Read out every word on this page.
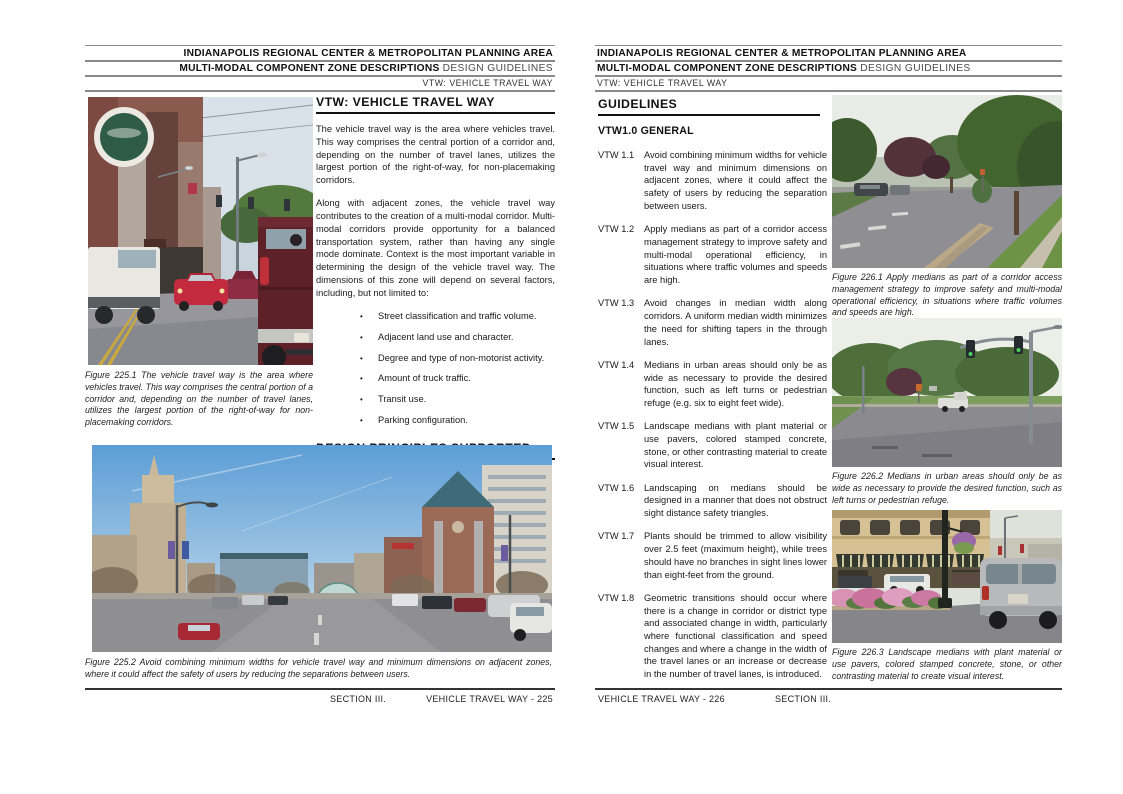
INDIANAPOLIS REGIONAL CENTER & METROPOLITAN PLANNING AREA
MULTI-MODAL COMPONENT ZONE DESCRIPTIONS DESIGN GUIDELINES
VTW: VEHICLE TRAVEL WAY
Figure 225.1 The vehicle travel way is the area where vehicles travel. This way comprises the central portion of a corridor and, depending on the number of travel lanes, utilizes the largest portion of the right-of-way for non-placemaking corridors.
VTW: VEHICLE TRAVEL WAY

The vehicle travel way is the area where vehicles travel. This way comprises the central portion of a corridor and, depending on the number of travel lanes, utilizes the largest portion of the right-of-way, for non-placemaking corridors.

Along with adjacent zones, the vehicle travel way contributes to the creation of a multi-modal corridor. Multi-modal corridors provide opportunity for a balanced transportation system, rather than having any single mode dominate. Context is the most important variable in determining the design of the vehicle travel way. The dimensions of this zone will depend on several factors, including, but not limited to:

•
Street classification and traffic volume.
•
Adjacent land use and character.
•
Degree and type of non-motorist activity.
•
Amount of truck traffic.
•
Transit use.
•
Parking configuration.
Figure 225.2 Avoid combining minimum widths for vehicle travel way and minimum dimensions on adjacent zones, where it could affect the safety of users by reducing the separations between users.
SECTION III.	VEHICLE TRAVEL WAY - 225
INDIANAPOLIS REGIONAL CENTER & METROPOLITAN PLANNING AREA
MULTI-MODAL COMPONENT ZONE DESCRIPTIONS DESIGN GUIDELINES
VTW: VEHICLE TRAVEL WAY
GUIDELINES
VTW1.0 GENERAL
VTW 1.1	Avoid combining minimum widths for vehicle travel way and minimum dimensions on adjacent zones, where it could affect the safety of users by reducing the separation between users.
VTW 1.2	Apply medians as part of a corridor access management strategy to improve safety and multi-modal operational efficiency, in situations where traffic volumes and speeds are high.
VTW 1.3	Avoid changes in median width along corridors. A uniform median width minimizes the need for shifting tapers in the through lanes.
VTW 1.4	Medians in urban areas should only be as wide as necessary to provide the desired function, such as left turns or pedestrian refuge (e.g. six to eight feet wide).
VTW 1.5	Landscape medians with plant material or use pavers, colored stamped concrete, stone, or other contrasting material to create visual interest.
VTW 1.6	Landscaping on medians should be designed in a manner that does not obstruct sight distance safety triangles.
VTW 1.7	Plants should be trimmed to allow visibility over 2.5 feet (maximum height), while trees should have no branches in sight lines lower than eight-feet from the ground.
VTW 1.8	Geometric transitions should occur where there is a change in corridor or district type and associated change in width, particularly where functional classification and speed changes and where a change in the width of the travel lanes or an increase or decrease in the number of travel lanes, is introduced.
Figure 226.1 Apply medians as part of a corridor access management strategy to improve safety and multi-modal operational efficiency, in situations where traffic volumes and speeds are high.
Figure 226.2 Medians in urban areas should only be as wide as necessary to provide the desired function, such as left turns or pedestrian refuge.
Figure 226.3 Landscape medians with plant material or use pavers, colored stamped concrete, stone, or other contrasting material to create visual interest.
VEHICLE TRAVEL WAY - 226	SECTION III.
